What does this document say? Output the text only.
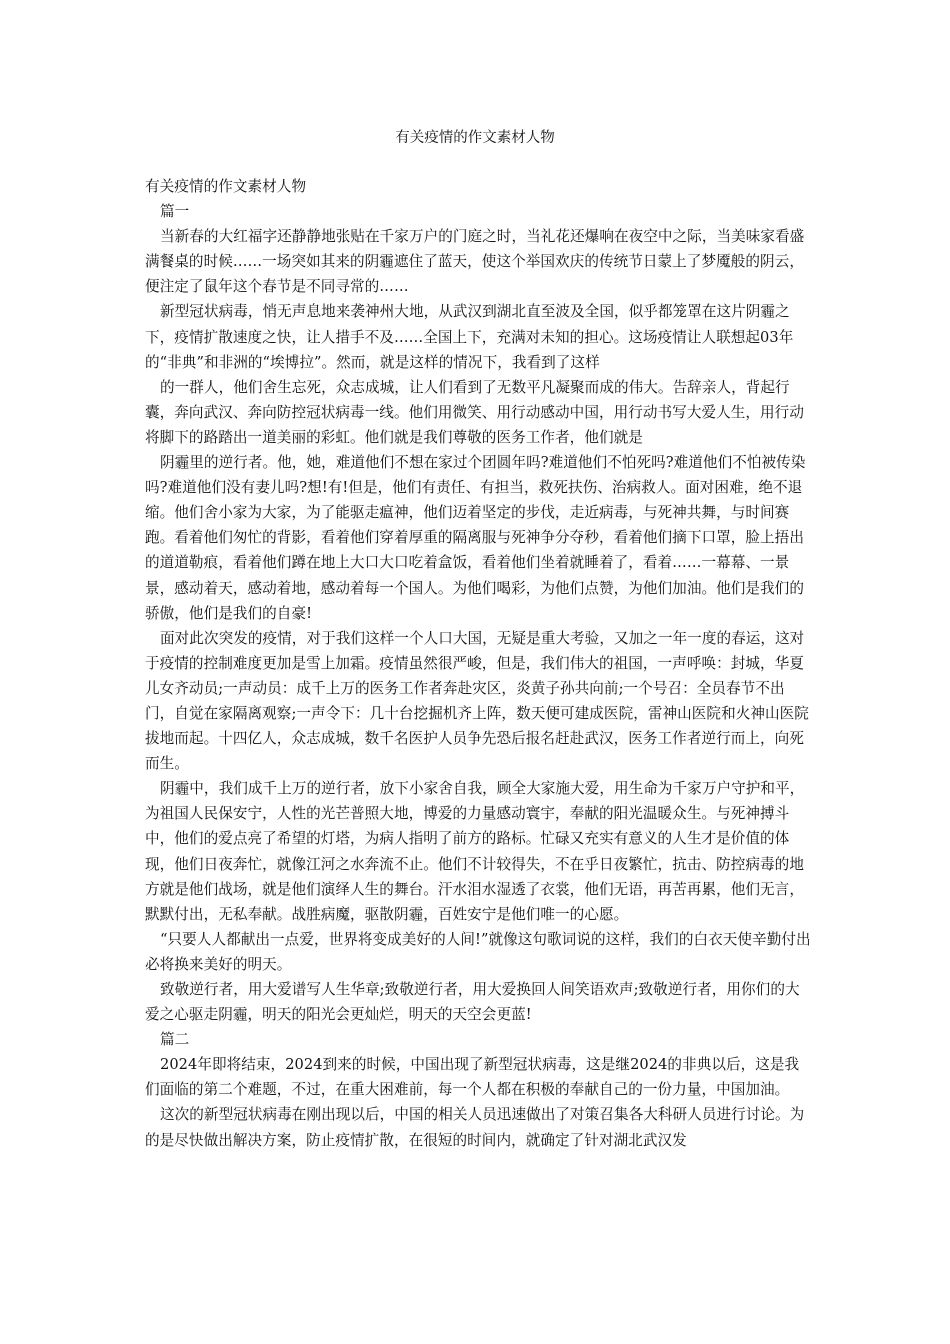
有关疫情的作文素材人物

有关疫情的作文素材人物

篇一

当新春的大红福字还静静地张贴在千家万户的门庭之时，当礼花还爆响在夜空中之际，当美味家看盛满餐桌的时候……一场突如其来的阴霾遮住了蓝天，使这个举国欢庆的传统节日蒙上了梦魇般的阴云，便注定了鼠年这个春节是不同寻常的……

新型冠状病毒，悄无声息地来袭神州大地，从武汉到湖北直至波及全国，似乎都笼罩在这片阴霾之下，疫情扩散速度之快，让人措手不及……全国上下，充满对未知的担心。这场疫情让人联想起03年的“非典”和非洲的“埃博拉”。然而，就是这样的情况下，我看到了这样

的一群人，他们舍生忘死，众志成城，让人们看到了无数平凡凝聚而成的伟大。告辞亲人，背起行囊，奔向武汉、奔向防控冠状病毒一线。他们用微笑、用行动感动中国，用行动书写大爱人生，用行动将脚下的路踏出一道美丽的彩虹。他们就是我们尊敬的医务工作者，他们就是

阴霾里的逆行者。他，她，难道他们不想在家过个团圆年吗?难道他们不怕死吗?难道他们不怕被传染吗?难道他们没有妻儿吗?想!有!但是，他们有责任、有担当，救死扶伤、治病救人。面对困难，绝不退缩。他们舍小家为大家，为了能驱走瘟神，他们迈着坚定的步伐，走近病毒，与死神共舞，与时间赛跑。看着他们匆忙的背影，看着他们穿着厚重的隔离服与死神争分夺秒，看着他们摘下口罩，脸上捂出的道道勒痕，看着他们蹲在地上大口大口吃着盒饭，看着他们坐着就睡着了，看着……一幕幕、一景景，感动着天，感动着地，感动着每一个国人。为他们喝彩，为他们点赞，为他们加油。他们是我们的骄傲，他们是我们的自豪!

面对此次突发的疫情，对于我们这样一个人口大国，无疑是重大考验，又加之一年一度的春运，这对于疫情的控制难度更加是雪上加霜。疫情虽然很严峻，但是，我们伟大的祖国，一声呼唤：封城，华夏儿女齐动员;一声动员：成千上万的医务工作者奔赴灾区，炎黄子孙共向前;一个号召：全员春节不出门，自觉在家隔离观察;一声令下：几十台挖掘机齐上阵，数天便可建成医院，雷神山医院和火神山医院拔地而起。十四亿人，众志成城，数千名医护人员争先恐后报名赶赴武汉，医务工作者逆行而上，向死而生。

阴霾中，我们成千上万的逆行者，放下小家舍自我，顾全大家施大爱，用生命为千家万户守护和平，为祖国人民保安宁，人性的光芒普照大地，博爱的力量感动寰宇，奉献的阳光温暖众生。与死神搏斗中，他们的爱点亮了希望的灯塔，为病人指明了前方的路标。忙碌又充实有意义的人生才是价值的体现，他们日夜奔忙，就像江河之水奔流不止。他们不计较得失，不在乎日夜繁忙，抗击、防控病毒的地方就是他们战场，就是他们演绎人生的舞台。汗水泪水湿透了衣裳，他们无语，再苦再累，他们无言，默默付出，无私奉献。战胜病魔，驱散阴霾，百姓安宁是他们唯一的心愿。

“只要人人都献出一点爱，世界将变成美好的人间!”就像这句歌词说的这样，我们的白衣天使辛勤付出必将换来美好的明天。

致敬逆行者，用大爱谱写人生华章;致敬逆行者，用大爱换回人间笑语欢声;致敬逆行者，用你们的大爱之心驱走阴霾，明天的阳光会更灿烂，明天的天空会更蓝!

篇二

2024年即将结束，2024到来的时候，中国出现了新型冠状病毒，这是继2024的非典以后，这是我们面临的第二个难题，不过，在重大困难前，每一个人都在积极的奉献自己的一份力量，中国加油。

这次的新型冠状病毒在刚出现以后，中国的相关人员迅速做出了对策召集各大科研人员进行讨论。为的是尽快做出解决方案，防止疫情扩散，在很短的时间内，就确定了针对湖北武汉发
